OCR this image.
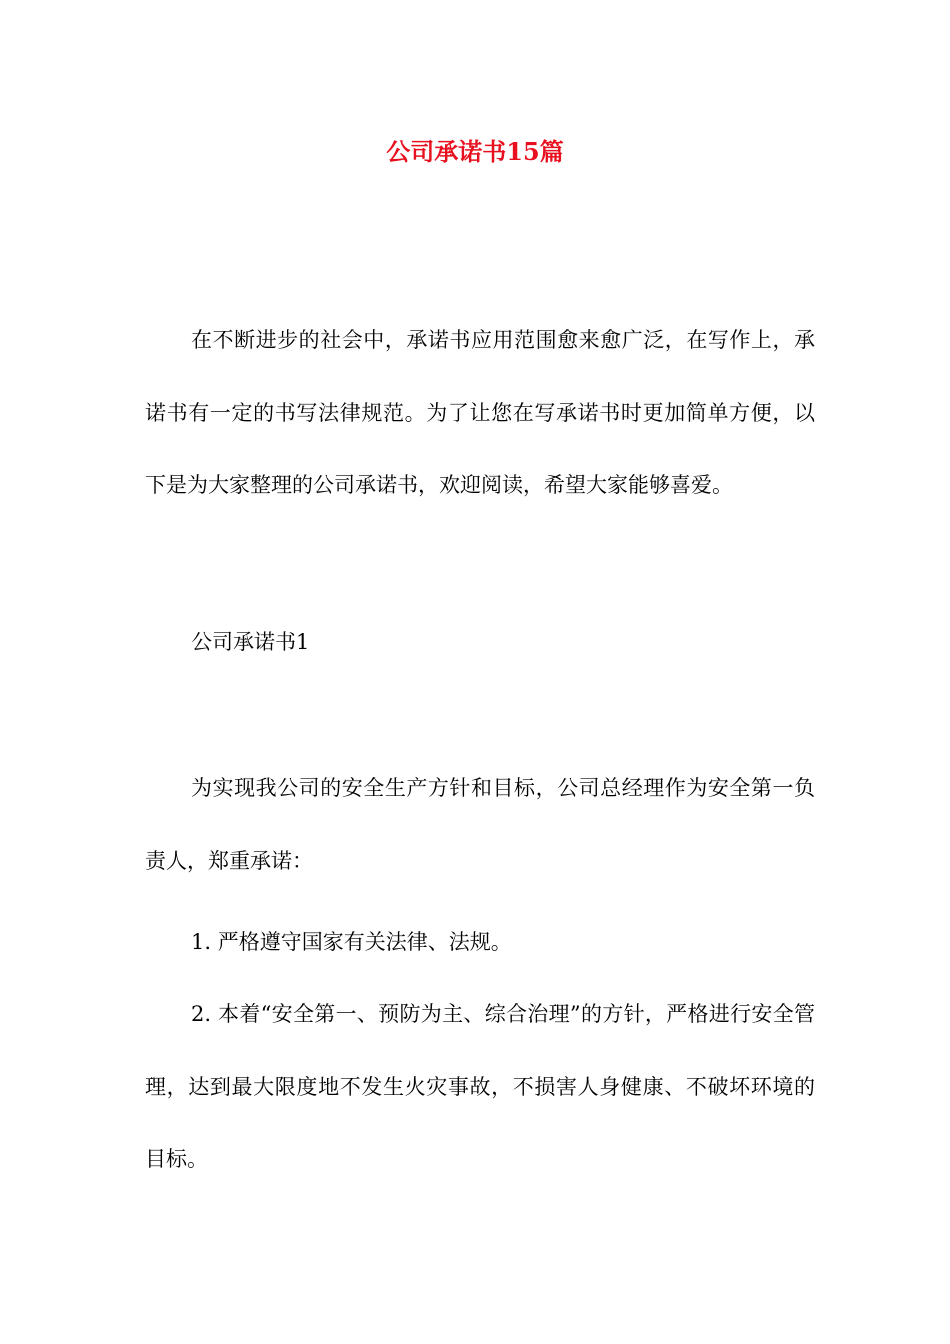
公司承诺书15篇

在不断进步的社会中，承诺书应用范围愈来愈广泛，在写作上，承诺书有一定的书写法律规范。为了让您在写承诺书时更加简单方便，以下是为大家整理的公司承诺书，欢迎阅读，希望大家能够喜爱。

公司承诺书1

为实现我公司的安全生产方针和目标，公司总经理作为安全第一负责人，郑重承诺：

1. 严格遵守国家有关法律、法规。

2. 本着“安全第一、预防为主、综合治理”的方针，严格进行安全管理，达到最大限度地不发生火灾事故，不损害人身健康、不破坏环境的目标。
